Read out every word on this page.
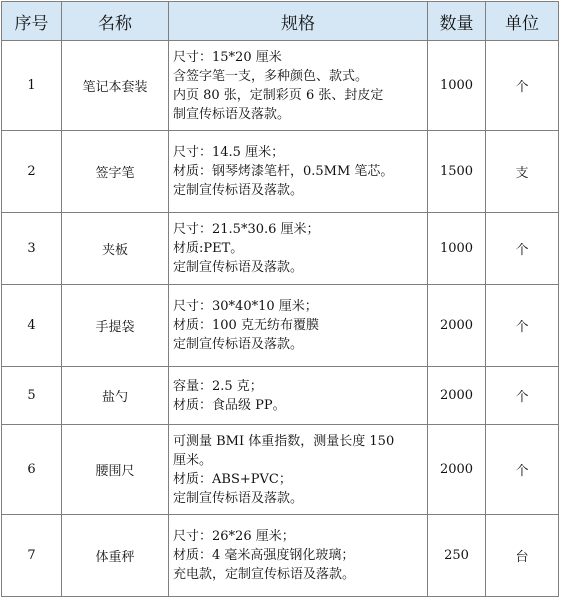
序号	名称	规格	数量	单位
1	笔记本套装	尺寸：15*20 厘米
含签字笔一支，多种颜色、款式。
内页 80 张，定制彩页 6 张、封皮定
制宣传标语及落款。	1000	个
2	签字笔	尺寸：14.5 厘米；
材质：钢琴烤漆笔杆，0.5MM 笔芯。
定制宣传标语及落款。	1500	支
3	夹板	尺寸：21.5*30.6 厘米；
材质:PET。
定制宣传标语及落款。	1000	个
4	手提袋	尺寸：30*40*10 厘米；
材质：100 克无纺布覆膜
定制宣传标语及落款。	2000	个
5	盐勺	容量：2.5 克；
材质：食品级 PP。	2000	个
6	腰围尺	可测量 BMI 体重指数，测量长度 150
厘米。
材质：ABS+PVC；
定制宣传标语及落款。	2000	个
7	体重秤	尺寸：26*26 厘米；
材质：4 毫米高强度钢化玻璃；
充电款，定制宣传标语及落款。	250	台
